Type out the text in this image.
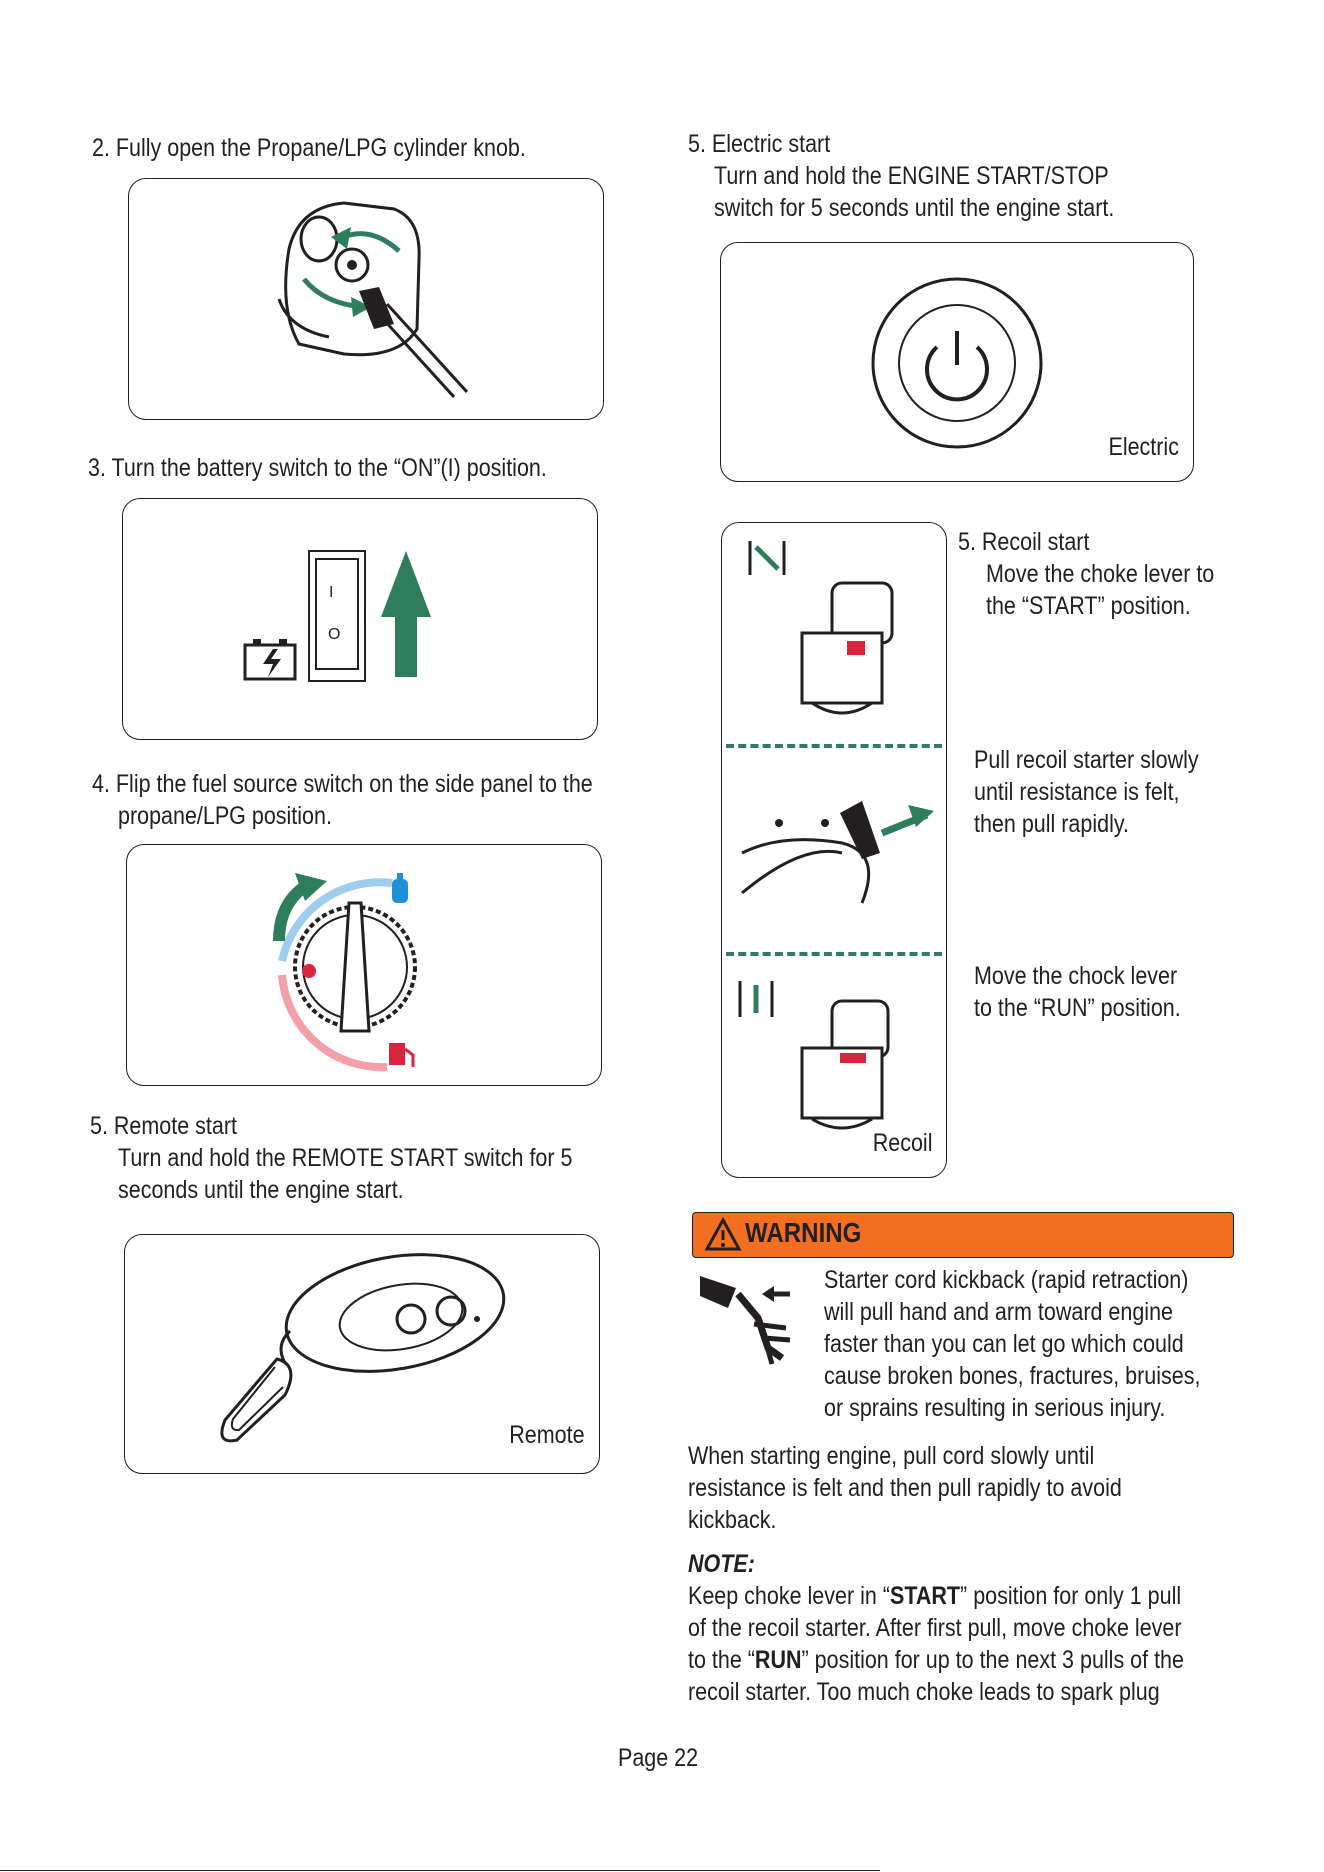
2. Fully open the Propane/LPG cylinder knob.
3. Turn the battery switch to the “ON”(I) position.
I
O
4. Flip the fuel source switch on the side panel to the
propane/LPG position.
5. Remote start
Turn and hold the REMOTE START switch for 5
seconds until the engine start.
Remote
5. Electric start
Turn and hold the ENGINE START/STOP
switch for 5 seconds until the engine start.
Electric
Recoil
5. Recoil start
Move the choke lever to
the “START” position.
Pull recoil starter slowly
until resistance is felt,
then pull rapidly.
Move the chock lever
to the “RUN” position.
WARNING
Starter cord kickback (rapid retraction)
will pull hand and arm toward engine
faster than you can let go which could
cause broken bones, fractures, bruises,
or sprains resulting in serious injury.
When starting engine, pull cord slowly until
resistance is felt and then pull rapidly to avoid
kickback.
NOTE:
Keep choke lever in “START” position for only 1 pull
of the recoil starter. After first pull, move choke lever
to the “RUN” position for up to the next 3 pulls of the
recoil starter. Too much choke leads to spark plug
Page 22
